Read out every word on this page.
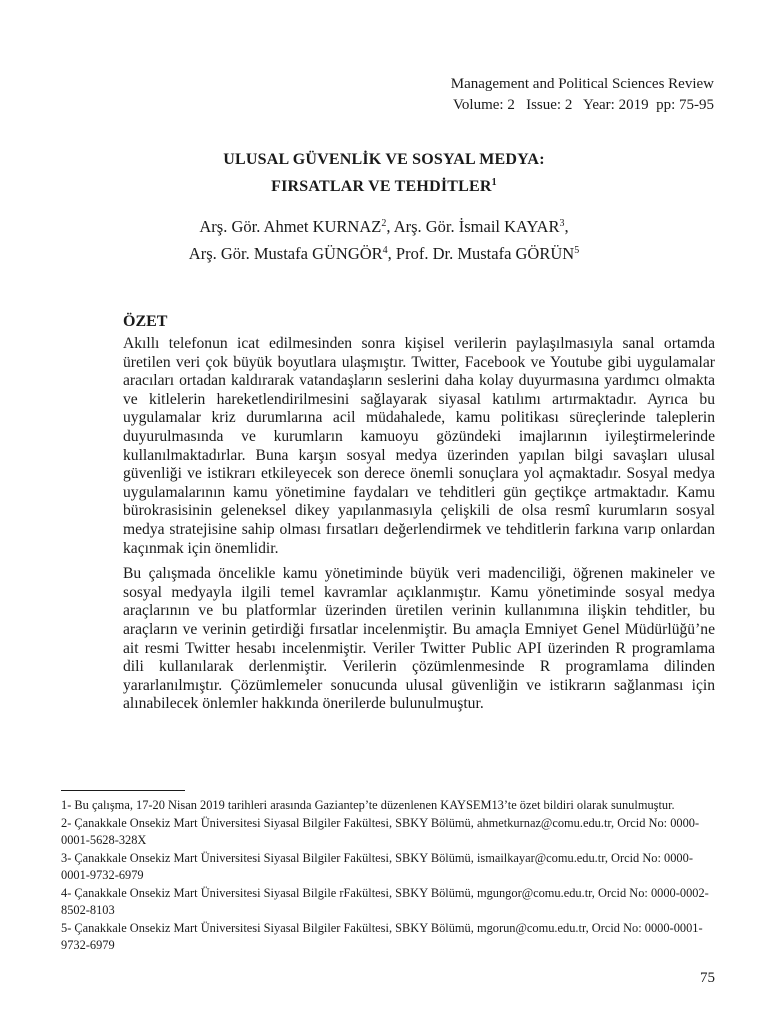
Management and Political Sciences Review
Volume: 2   Issue: 2   Year: 2019  pp: 75-95
ULUSAL GÜVENLİK VE SOSYAL MEDYA:
FIRSATLAR VE TEHDİTLER$^1$
Arş. Gör. Ahmet KURNAZ$^2$, Arş. Gör. İsmail KAYAR$^3$,
Arş. Gör. Mustafa GÜNGÖR$^4$, Prof. Dr. Mustafa GÖRÜN$^5$
ÖZET

Akıllı telefonun icat edilmesinden sonra kişisel verilerin paylaşılmasıyla sanal ortamda üretilen veri çok büyük boyutlara ulaşmıştır. Twitter, Facebook ve Youtube gibi uygulamalar aracıları ortadan kaldırarak vatandaşların seslerini daha kolay duyurmasına yardımcı olmakta ve kitlelerin hareketlendirilmesini sağlayarak siyasal katılımı artırmaktadır. Ayrıca bu uygulamalar kriz durumlarına acil müdahalede, kamu politikası süreçlerinde taleplerin duyurulmasında ve kurumların kamuoyu gözündeki imajlarının iyileştirmelerinde kullanılmaktadırlar. Buna karşın sosyal medya üzerinden yapılan bilgi savaşları ulusal güvenliği ve istikrarı etkileyecek son derece önemli sonuçlara yol açmaktadır. Sosyal medya uygulamalarının kamu yönetimine faydaları ve tehditleri gün geçtikçe artmaktadır. Kamu bürokrasisinin geleneksel dikey yapılanmasıyla çelişkili de olsa resmî kurumların sosyal medya stratejisine sahip olması fırsatları değerlendirmek ve tehditlerin farkına varıp onlardan kaçınmak için önemlidir.

Bu çalışmada öncelikle kamu yönetiminde büyük veri madenciliği, öğrenen makineler ve sosyal medyayla ilgili temel kavramlar açıklanmıştır. Kamu yönetiminde sosyal medya araçlarının ve bu platformlar üzerinden üretilen verinin kullanımına ilişkin tehditler, bu araçların ve verinin getirdiği fırsatlar incelenmiştir. Bu amaçla Emniyet Genel Müdürlüğü’ne ait resmi Twitter hesabı incelenmiştir. Veriler Twitter Public API üzerinden R programlama dili kullanılarak derlenmiştir. Verilerin çözümlenmesinde R programlama dilinden yararlanılmıştır. Çözümlemeler sonucunda ulusal güvenliğin ve istikrarın sağlanması için alınabilecek önlemler hakkında önerilerde bulunulmuştur.

1- Bu çalışma, 17-20 Nisan 2019 tarihleri arasında Gaziantep’te düzenlenen KAYSEM13’te özet bildiri olarak sunulmuştur.
2- Çanakkale Onsekiz Mart Üniversitesi Siyasal Bilgiler Fakültesi, SBKY Bölümü, ahmetkurnaz@comu.edu.tr, Orcid No: 0000-0001-5628-328X
3- Çanakkale Onsekiz Mart Üniversitesi Siyasal Bilgiler Fakültesi, SBKY Bölümü, ismailkayar@comu.edu.tr, Orcid No: 0000-0001-9732-6979
4- Çanakkale Onsekiz Mart Üniversitesi Siyasal Bilgile rFakültesi, SBKY Bölümü, mgungor@comu.edu.tr, Orcid No: 0000-0002-8502-8103
5- Çanakkale Onsekiz Mart Üniversitesi Siyasal Bilgiler Fakültesi, SBKY Bölümü, mgorun@comu.edu.tr, Orcid No: 0000-0001-9732-6979
75
